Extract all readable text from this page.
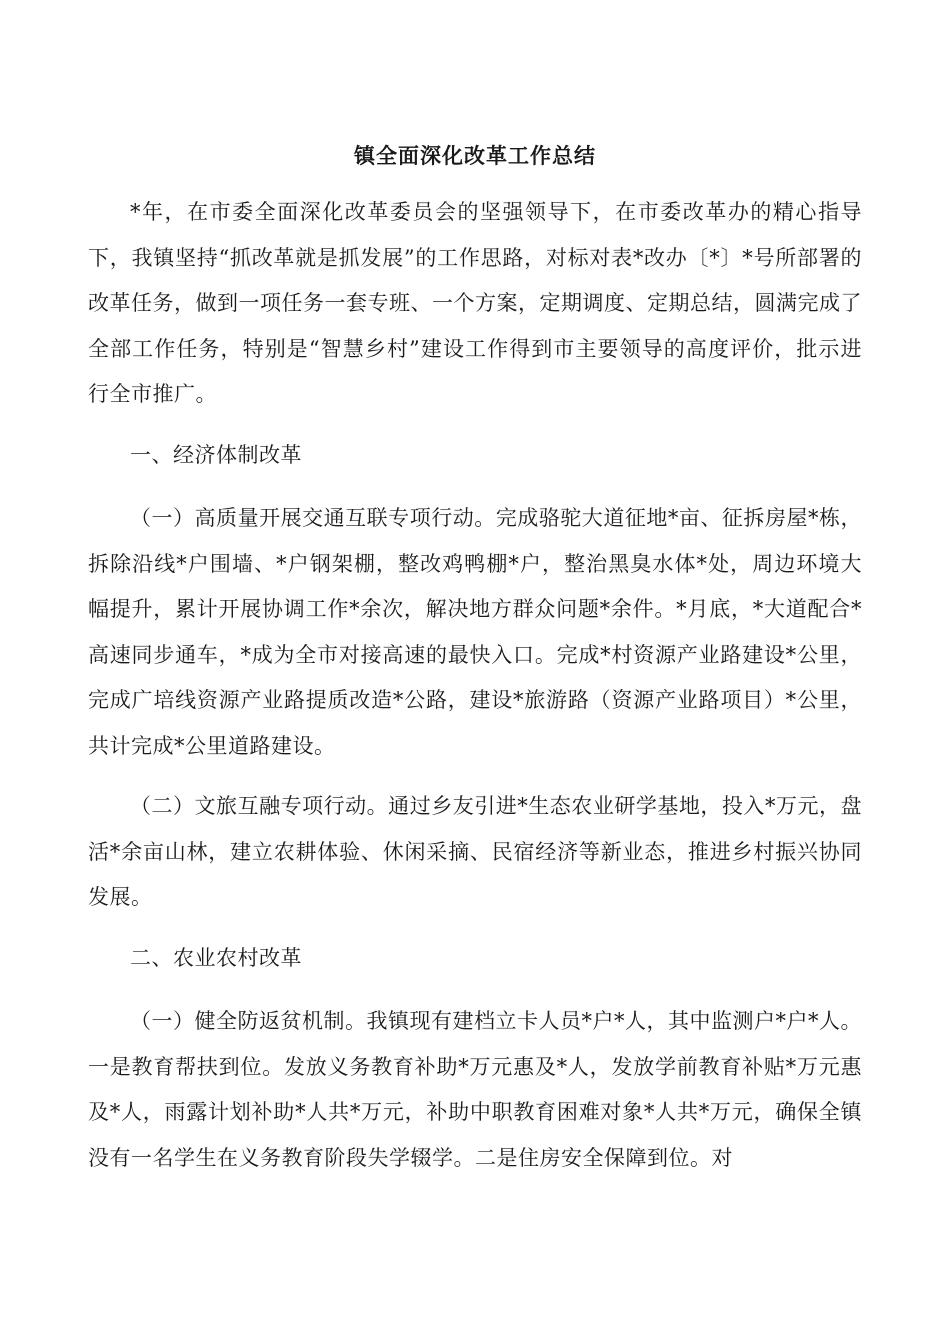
镇全面深化改革工作总结

*年，在市委全面深化改革委员会的坚强领导下，在市委改革办的精心指导下，我镇坚持“抓改革就是抓发展”的工作思路，对标对表*改办〔*〕*号所部署的改革任务，做到一项任务一套专班、一个方案，定期调度、定期总结，圆满完成了全部工作任务，特别是“智慧乡村”建设工作得到市主要领导的高度评价，批示进行全市推广。

一、经济体制改革

（一）高质量开展交通互联专项行动。完成骆驼大道征地*亩、征拆房屋*栋，拆除沿线*户围墙、*户钢架棚，整改鸡鸭棚*户，整治黑臭水体*处，周边环境大幅提升，累计开展协调工作*余次，解决地方群众问题*余件。*月底，*大道配合*高速同步通车，*成为全市对接高速的最快入口。完成*村资源产业路建设*公里，完成广培线资源产业路提质改造*公路，建设*旅游路（资源产业路项目）*公里，共计完成*公里道路建设。

（二）文旅互融专项行动。通过乡友引进*生态农业研学基地，投入*万元，盘活*余亩山林，建立农耕体验、休闲采摘、民宿经济等新业态，推进乡村振兴协同发展。

二、农业农村改革

（一）健全防返贫机制。我镇现有建档立卡人员*户*人，其中监测户*户*人。一是教育帮扶到位。发放义务教育补助*万元惠及*人，发放学前教育补贴*万元惠及*人，雨露计划补助*人共*万元，补助中职教育困难对象*人共*万元，确保全镇没有一名学生在义务教育阶段失学辍学。二是住房安全保障到位。对
